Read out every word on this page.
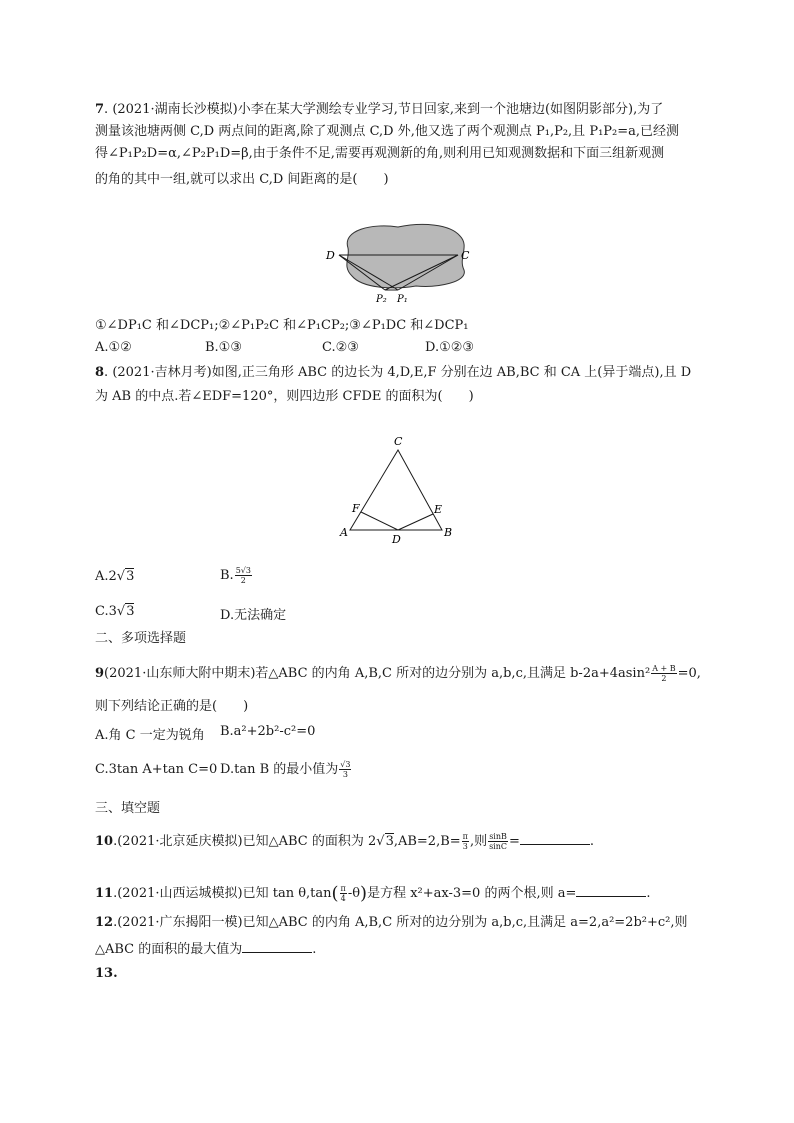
7. (2021·湖南长沙模拟)小李在某大学测绘专业学习,节日回家,来到一个池塘边(如图阴影部分),为了
测量该池塘两侧 C,D 两点间的距离,除了观测点 C,D 外,他又选了两个观测点 P₁,P₂,且 P₁P₂=a,已经测
得∠P₁P₂D=α,∠P₂P₁D=β,由于条件不足,需要再观测新的角,则利用已知观测数据和下面三组新观测
的角的其中一组,就可以求出 C,D 间距离的是(　　)
D	C
P₂ P₁
①∠DP₁C 和∠DCP₁;②∠P₁P₂C 和∠P₁CP₂;③∠P₁DC 和∠DCP₁
A.①②	B.①③	C.②③	D.①②③
8. (2021·吉林月考)如图,正三角形 ABC 的边长为 4,D,E,F 分别在边 AB,BC 和 CA 上(异于端点),且 D
为 AB 的中点.若∠EDF=120°，则四边形 CFDE 的面积为(　　)
C
A	B
D
E
F
A.2√3	B. $\frac{5√3}{2}$
C.3√3	D.无法确定
二、多项选择题
9(2021·山东师大附中期末)若△ABC 的内角 A,B,C 所对的边分别为 a,b,c,且满足 $b-2a+4asin^2 \frac{A + B}{2} =0$,
则下列结论正确的是(　　)
A.角 C 一定为锐角 B.a²+2b²-c²=0
C.3tan A+tan C=0 D.tan B 的最小值为 $\frac{√3}{3}$
三、填空题
10.(2021·北京延庆模拟)已知△ABC 的面积为 $2√3,AB=2,B= \frac{\pi}{3}$ ,则 $\frac{\sin B}{\sin C}$ =	.
11.(2021·山西运城模拟)已知 $\tan \theta,\tan( \frac{\pi}{4} -\theta)$是方程 x²+ax-3=0 的两个根,则 a=	.
12.(2021·广东揭阳一模)已知△ABC 的内角 A,B,C 所对的边分别为 a,b,c,且满足 a=2,a²=2b²+c²,则
△ABC 的面积的最大值为	.
13.
